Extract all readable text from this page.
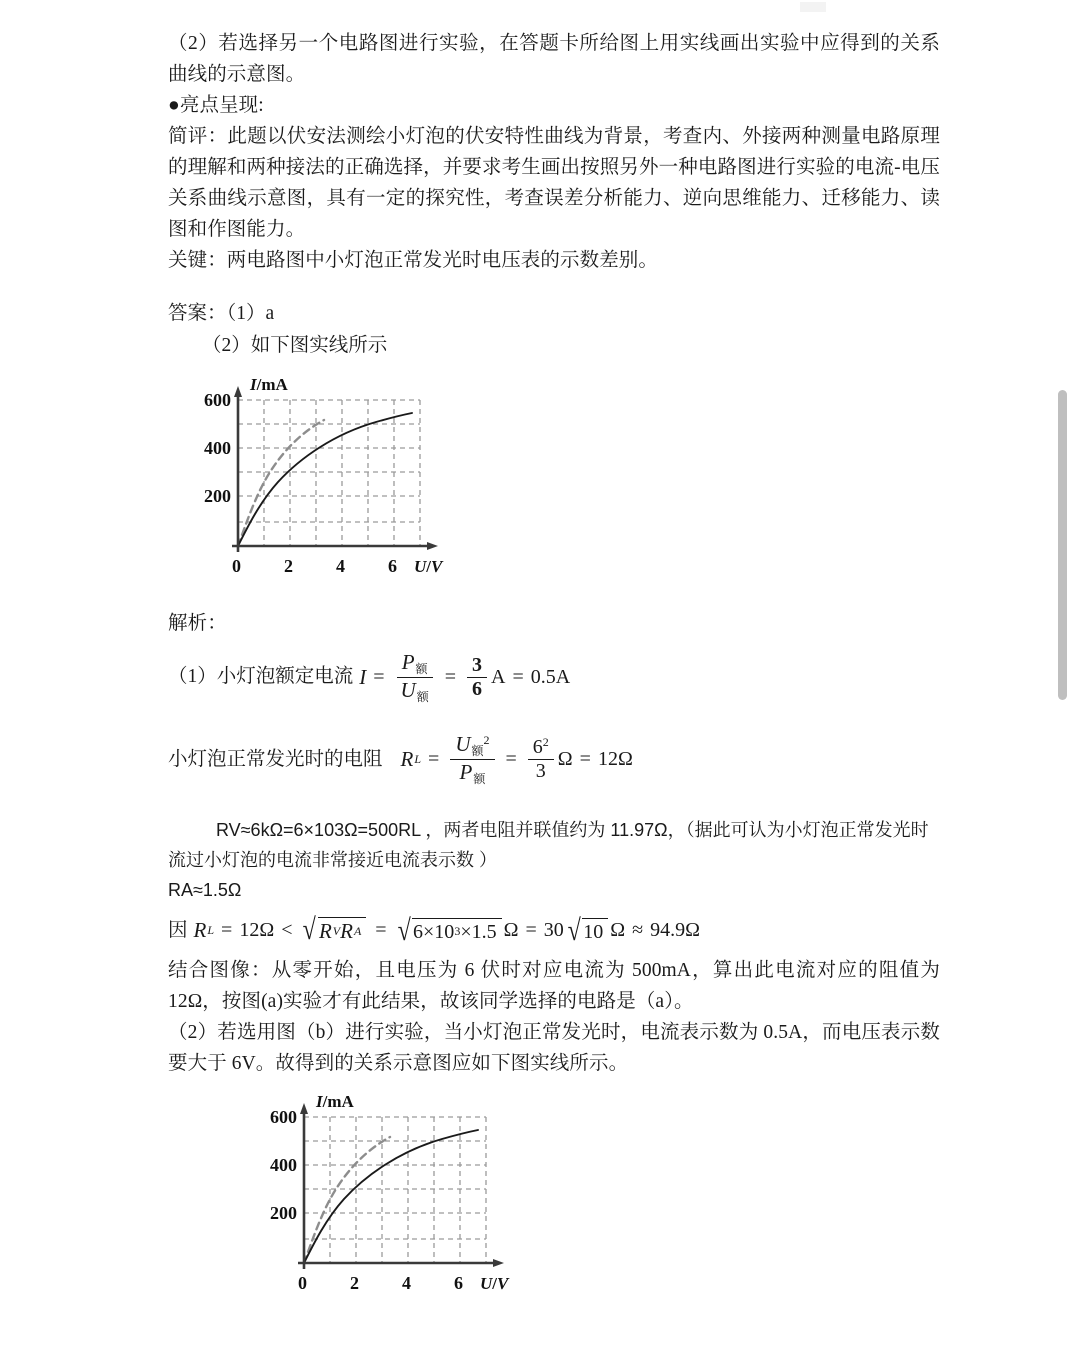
（2）若选择另一个电路图进行实验，在答题卡所给图上用实线画出实验中应得到的关系曲线的示意图。

●亮点呈现:

简评：此题以伏安法测绘小灯泡的伏安特性曲线为背景，考查内、外接两种测量电路原理的理解和两种接法的正确选择，并要求考生画出按照另外一种电路图进行实验的电流-电压关系曲线示意图，具有一定的探究性，考查误差分析能力、逆向思维能力、迁移能力、读图和作图能力。

关键：两电路图中小灯泡正常发光时电压表的示数差别。

答案：（1）a

（2）如下图实线所示

I/mA
600
400
200
0 2 4 6 U/V

解析：

（1）小灯泡额定电流 $I = \frac{P_额}{U_额} = \frac{3}{6}$ A = 0.5A
小灯泡正常发光时的电阻 R $L = \frac{U_额^2}{P_额} = \frac{6^2}{3}$ Ω = 12Ω

RV≈6kΩ=6×103Ω=500RL ，两者电阻并联值约为 11.97Ω，（据此可认为小灯泡正常发光时流过小灯泡的电流非常接近电流表示数 ）

RA≈1.5Ω

因 R L = 12Ω < √ R V R A = √ 6×10 3 ×1.5 Ω = 30 √ 10 Ω ≈ 94.9Ω

结合图像：从零开始，且电压为 6 伏时对应电流为 500mA，算出此电流对应的阻值为 12Ω，按图(a)实验才有此结果，故该同学选择的电路是（a）。

（2）若选用图（b）进行实验，当小灯泡正常发光时，电流表示数为 0.5A，而电压表示数要大于 6V。故得到的关系示意图应如下图实线所示。

I/mA
600
400
200
0 2 4 6 U/V
